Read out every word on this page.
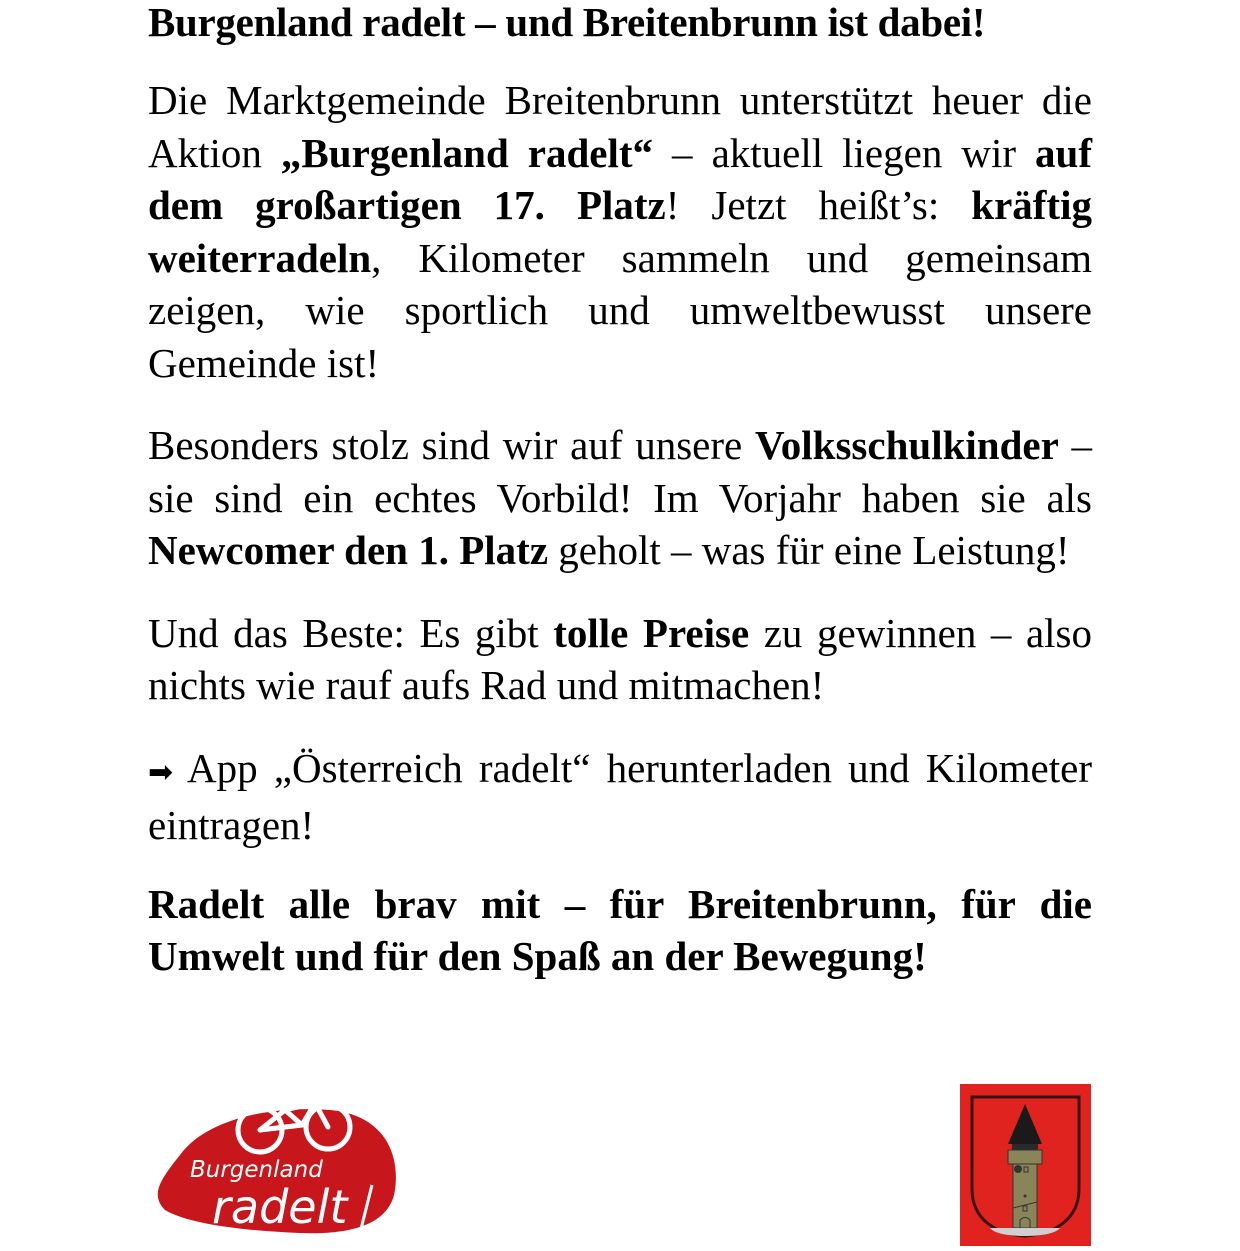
Burgenland radelt – und Breitenbrunn ist dabei!

Die Marktgemeinde Breitenbrunn unterstützt heuer die Aktion „Burgenland radelt“ – aktuell liegen wir auf dem großartigen 17. Platz! Jetzt heißt’s: kräftig weiterradeln, Kilometer sammeln und gemeinsam zeigen, wie sportlich und umweltbewusst unsere Gemeinde ist!

Besonders stolz sind wir auf unsere Volksschulkinder – sie sind ein echtes Vorbild! Im Vorjahr haben sie als Newcomer den 1. Platz geholt – was für eine Leistung!

Und das Beste: Es gibt tolle Preise zu gewinnen – also nichts wie rauf aufs Rad und mitmachen!

➡ App „Österreich radelt“ herunterladen und Kilometer eintragen!

Radelt alle brav mit – für Breitenbrunn, für die Umwelt und für den Spaß an der Bewegung!

Burgenland
radelt
